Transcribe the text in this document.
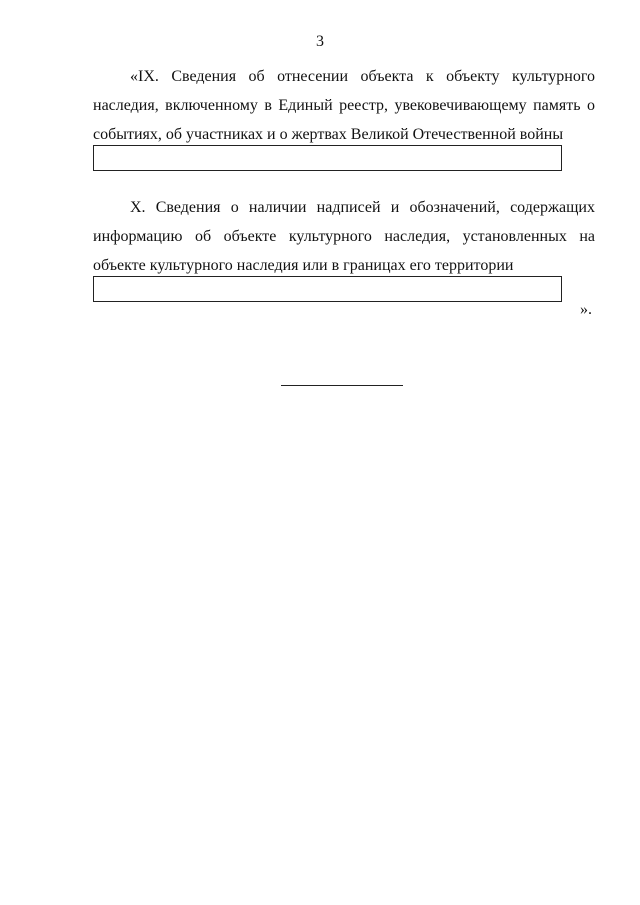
3
«IX. Сведения об отнесении объекта к объекту культурного наследия, включенному в Единый реестр, увековечивающему память о событиях, об участниках и о жертвах Великой Отечественной войны
X. Сведения о наличии надписей и обозначений, содержащих информацию об объекте культурного наследия, установленных на объекте культурного наследия или в границах его территории
».
